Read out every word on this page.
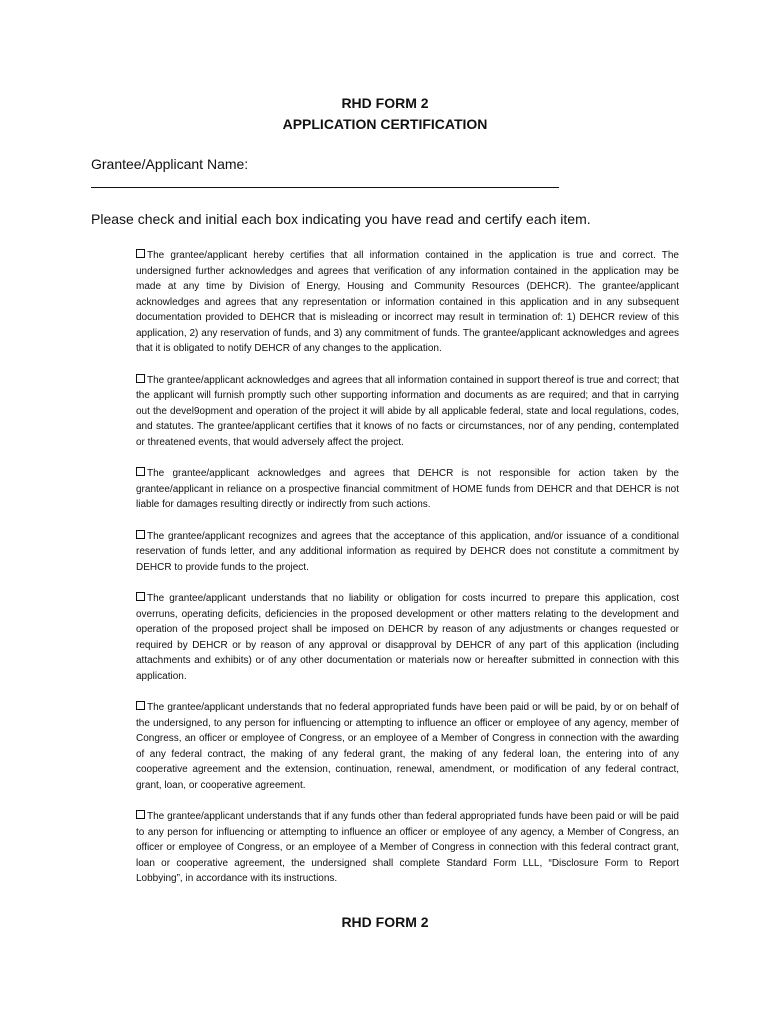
RHD FORM 2
APPLICATION CERTIFICATION
Grantee/Applicant Name:
Please check and initial each box indicating you have read and certify each item.

The grantee/applicant hereby certifies that all information contained in the application is true and correct. The undersigned further acknowledges and agrees that verification of any information contained in the application may be made at any time by Division of Energy, Housing and Community Resources (DEHCR). The grantee/applicant acknowledges and agrees that any representation or information contained in this application and in any subsequent documentation provided to DEHCR that is misleading or incorrect may result in termination of: 1) DEHCR review of this application, 2) any reservation of funds, and 3) any commitment of funds. The grantee/applicant acknowledges and agrees that it is obligated to notify DEHCR of any changes to the application.

The grantee/applicant acknowledges and agrees that all information contained in support thereof is true and correct; that the applicant will furnish promptly such other supporting information and documents as are required; and that in carrying out the devel9opment and operation of the project it will abide by all applicable federal, state and local regulations, codes, and statutes. The grantee/applicant certifies that it knows of no facts or circumstances, nor of any pending, contemplated or threatened events, that would adversely affect the project.

The grantee/applicant acknowledges and agrees that DEHCR is not responsible for action taken by the grantee/applicant in reliance on a prospective financial commitment of HOME funds from DEHCR and that DEHCR is not liable for damages resulting directly or indirectly from such actions.

The grantee/applicant recognizes and agrees that the acceptance of this application, and/or issuance of a conditional reservation of funds letter, and any additional information as required by DEHCR does not constitute a commitment by DEHCR to provide funds to the project.

The grantee/applicant understands that no liability or obligation for costs incurred to prepare this application, cost overruns, operating deficits, deficiencies in the proposed development or other matters relating to the development and operation of the proposed project shall be imposed on DEHCR by reason of any adjustments or changes requested or required by DEHCR or by reason of any approval or disapproval by DEHCR of any part of this application (including attachments and exhibits) or of any other documentation or materials now or hereafter submitted in connection with this application.

The grantee/applicant understands that no federal appropriated funds have been paid or will be paid, by or on behalf of the undersigned, to any person for influencing or attempting to influence an officer or employee of any agency, member of Congress, an officer or employee of Congress, or an employee of a Member of Congress in connection with the awarding of any federal contract, the making of any federal grant, the making of any federal loan, the entering into of any cooperative agreement and the extension, continuation, renewal, amendment, or modification of any federal contract, grant, loan, or cooperative agreement.

The grantee/applicant understands that if any funds other than federal appropriated funds have been paid or will be paid to any person for influencing or attempting to influence an officer or employee of any agency, a Member of Congress, an officer or employee of Congress, or an employee of a Member of Congress in connection with this federal contract grant, loan or cooperative agreement, the undersigned shall complete Standard Form LLL, “Disclosure Form to Report Lobbying”, in accordance with its instructions.

RHD FORM 2
